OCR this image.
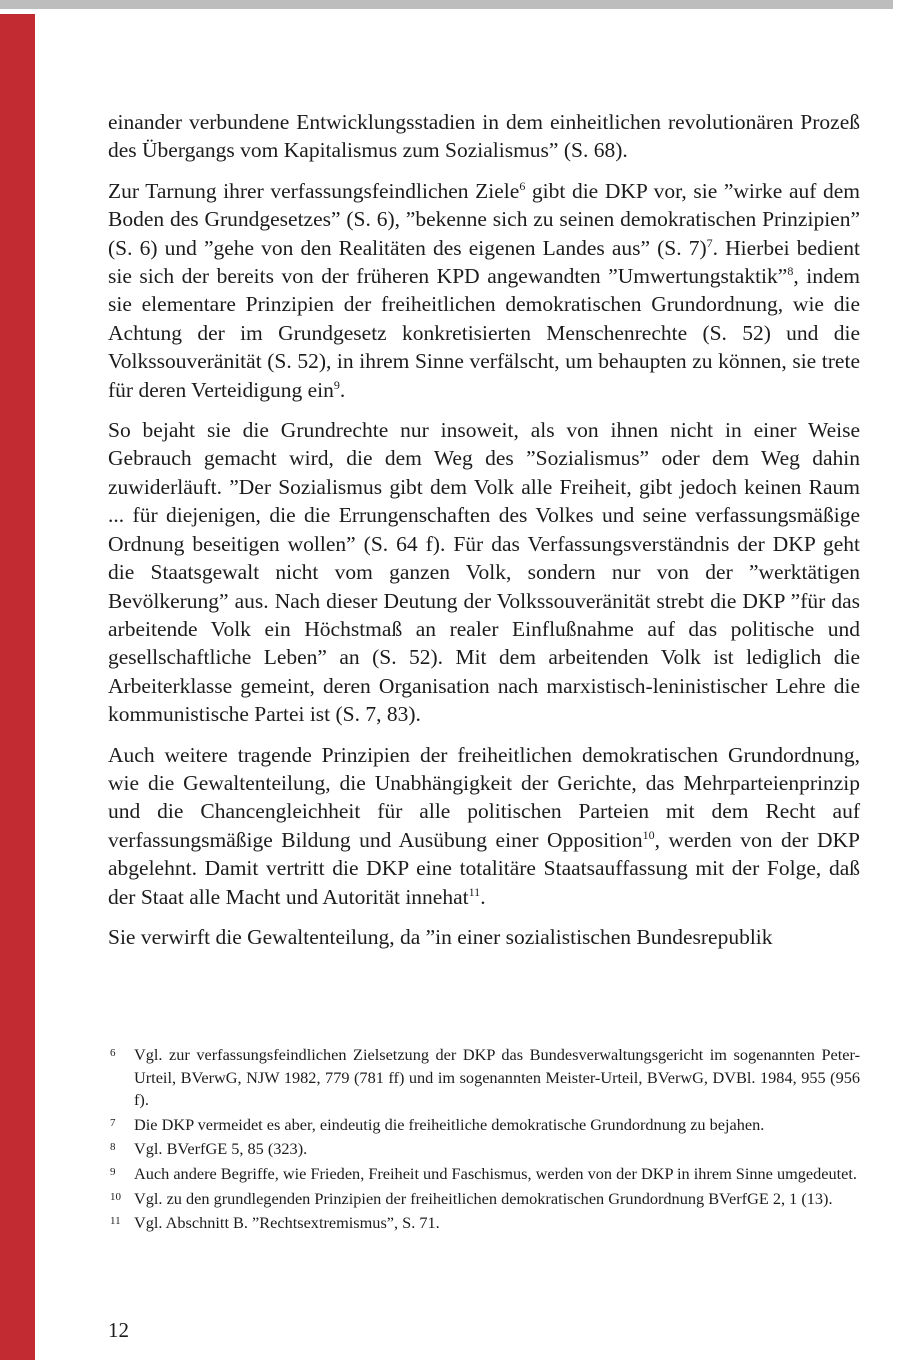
einander verbundene Entwicklungsstadien in dem einheitlichen revolutionären Prozeß des Übergangs vom Kapitalismus zum Sozialismus” (S. 68).

Zur Tarnung ihrer verfassungsfeindlichen Ziele$^6$ gibt die DKP vor, sie ”wirke auf dem Boden des Grundgesetzes” (S. 6), ”bekenne sich zu seinen demokratischen Prinzipien” (S. 6) und ”gehe von den Realitäten des eigenen Landes aus” (S. 7)$^7$. Hierbei bedient sie sich der bereits von der früheren KPD angewandten ”Umwertungstaktik”$^8$, indem sie elementare Prinzipien der freiheitlichen demokratischen Grundordnung, wie die Achtung der im Grundgesetz konkretisierten Menschenrechte (S. 52) und die Volkssouveränität (S. 52), in ihrem Sinne verfälscht, um behaupten zu können, sie trete für deren Verteidigung ein$^9$.

So bejaht sie die Grundrechte nur insoweit, als von ihnen nicht in einer Weise Gebrauch gemacht wird, die dem Weg des ”Sozialismus” oder dem Weg dahin zuwiderläuft. ”Der Sozialismus gibt dem Volk alle Freiheit, gibt jedoch keinen Raum ... für diejenigen, die die Errungenschaften des Volkes und seine verfassungsmäßige Ordnung beseitigen wollen” (S. 64 f). Für das Verfassungsverständnis der DKP geht die Staatsgewalt nicht vom ganzen Volk, sondern nur von der ”werktätigen Bevölkerung” aus. Nach dieser Deutung der Volkssouveränität strebt die DKP ”für das arbeitende Volk ein Höchstmaß an realer Einflußnahme auf das politische und gesellschaftliche Leben” an (S. 52). Mit dem arbeitenden Volk ist lediglich die Arbeiterklasse gemeint, deren Organisation nach marxistisch-leninistischer Lehre die kommunistische Partei ist (S. 7, 83).

Auch weitere tragende Prinzipien der freiheitlichen demokratischen Grundordnung, wie die Gewaltenteilung, die Unabhängigkeit der Gerichte, das Mehrparteienprinzip und die Chancengleichheit für alle politischen Parteien mit dem Recht auf verfassungsmäßige Bildung und Ausübung einer Opposition$^{10}$, werden von der DKP abgelehnt. Damit vertritt die DKP eine totalitäre Staatsauffassung mit der Folge, daß der Staat alle Macht und Autorität innehat$^{11}$.

Sie verwirft die Gewaltenteilung, da ”in einer sozialistischen Bundesrepublik

6 Vgl. zur verfassungsfeindlichen Zielsetzung der DKP das Bundesverwaltungsgericht im sogenannten Peter-Urteil, BVerwG, NJW 1982, 779 (781 ff) und im sogenannten Meister-Urteil, BVerwG, DVBl. 1984, 955 (956 f).
7 Die DKP vermeidet es aber, eindeutig die freiheitliche demokratische Grundordnung zu bejahen.
8 Vgl. BVerfGE 5, 85 (323).
9 Auch andere Begriffe, wie Frieden, Freiheit und Faschismus, werden von der DKP in ihrem Sinne umgedeutet.
10 Vgl. zu den grundlegenden Prinzipien der freiheitlichen demokratischen Grundordnung BVerfGE 2, 1 (13).
11 Vgl. Abschnitt B. ”Rechtsextremismus”, S. 71.
12
